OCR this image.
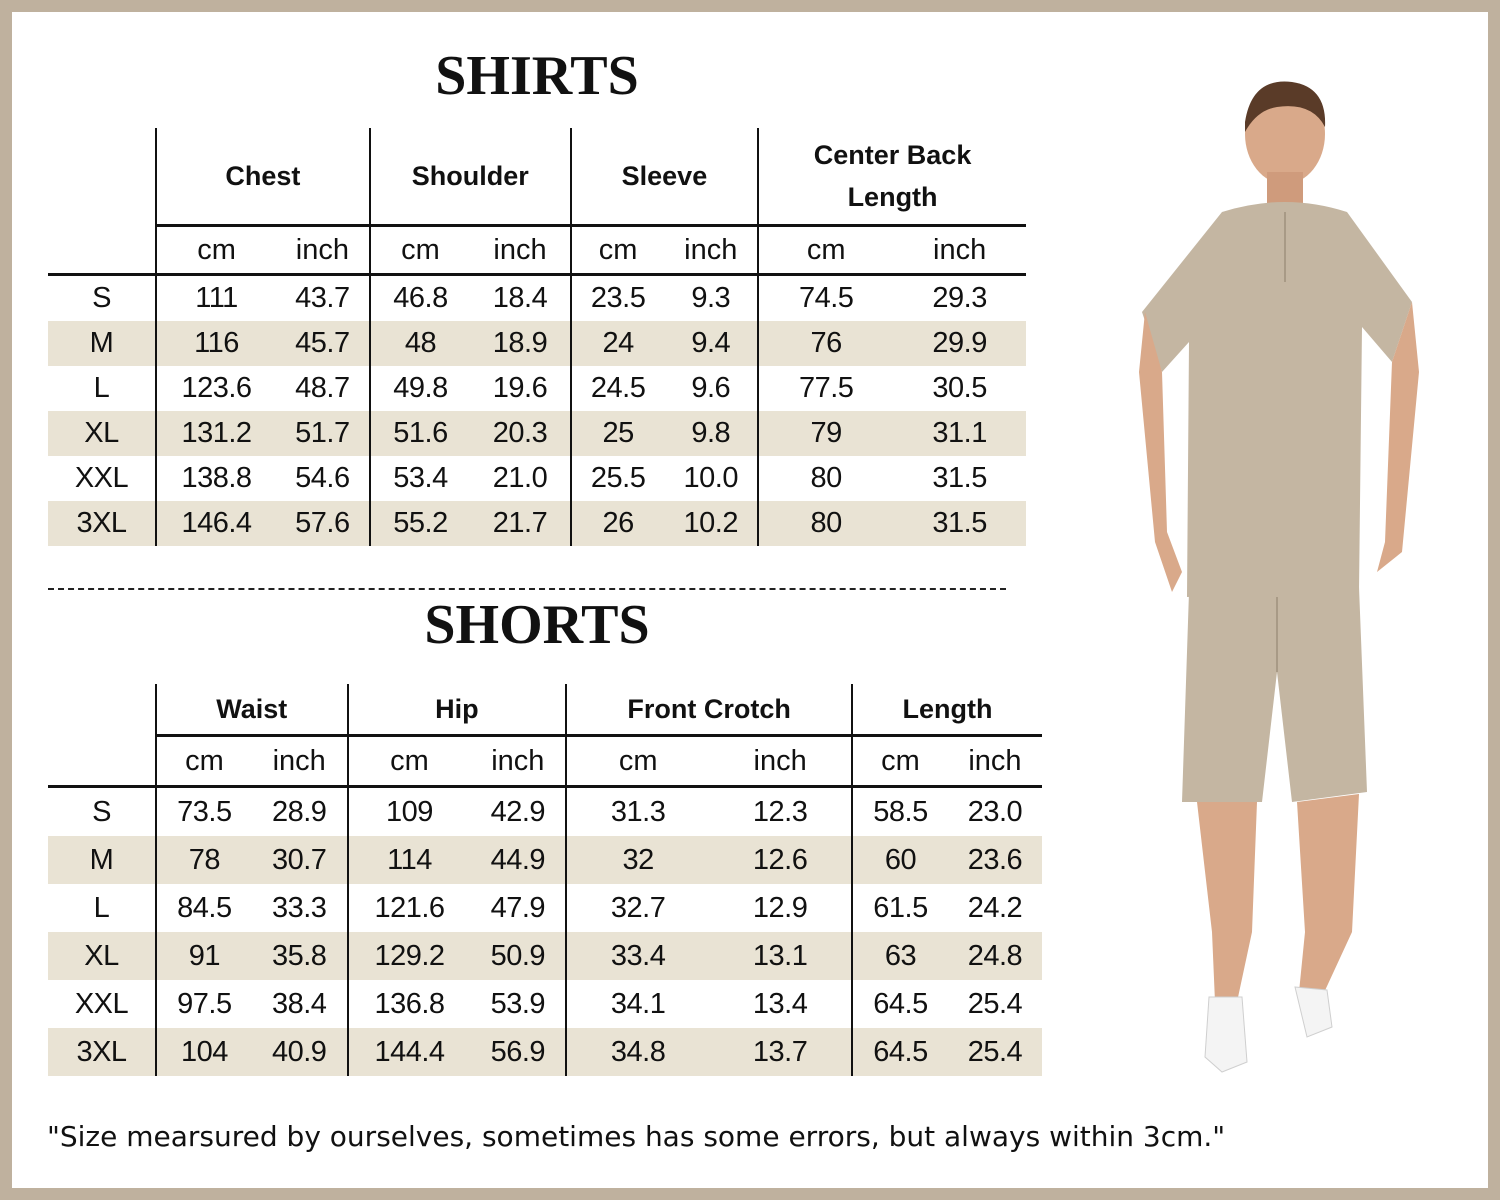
SHIRTS
	Chest		Shoulder		Sleeve		Center Back
Length	
	cm	inch	cm	inch	cm	inch	cm	inch
S	111	43.7	46.8	18.4	23.5	9.3	74.5	29.3
M	116	45.7	48	18.9	24	9.4	76	29.9
L	123.6	48.7	49.8	19.6	24.5	9.6	77.5	30.5
XL	131.2	51.7	51.6	20.3	25	9.8	79	31.1
XXL	138.8	54.6	53.4	21.0	25.5	10.0	80	31.5
3XL	146.4	57.6	55.2	21.7	26	10.2	80	31.5
SHORTS
	Waist		Hip		Front Crotch		Length	
	cm	inch	cm	inch	cm	inch	cm	inch
S	73.5	28.9	109	42.9	31.3	12.3	58.5	23.0
M	78	30.7	114	44.9	32	12.6	60	23.6
L	84.5	33.3	121.6	47.9	32.7	12.9	61.5	24.2
XL	91	35.8	129.2	50.9	33.4	13.1	63	24.8
XXL	97.5	38.4	136.8	53.9	34.1	13.4	64.5	25.4
3XL	104	40.9	144.4	56.9	34.8	13.7	64.5	25.4
"Size mearsured by ourselves, sometimes has some errors, but always within 3cm."
